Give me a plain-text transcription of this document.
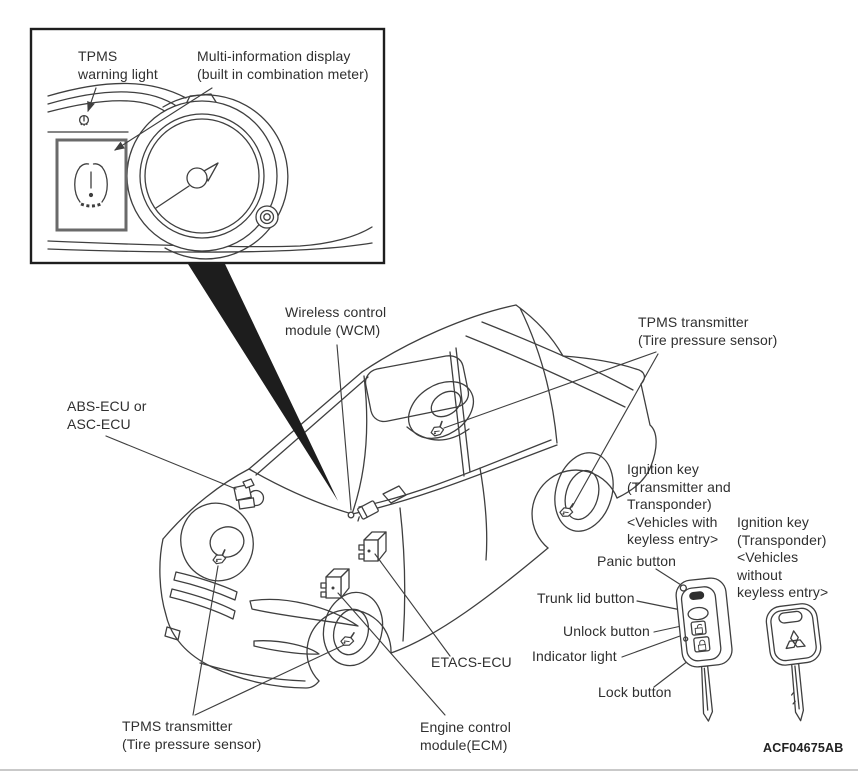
TPMS
warning light
Multi-information display
(built in combination meter)
Wireless control
module (WCM)	TPMS transmitter
(Tire pressure sensor)
ABS-ECU or
ASC-ECU
Ignition key
(Transmitter and
Transponder)
<Vehicles with
keyless entry>
Ignition key
(Transponder)
<Vehicles
without
keyless entry>
Panic button
Trunk lid button
Unlock button
Indicator light
Lock button
ETACS-ECU
Engine control
module(ECM)
TPMS transmitter
(Tire pressure sensor)	ACF04675AB
